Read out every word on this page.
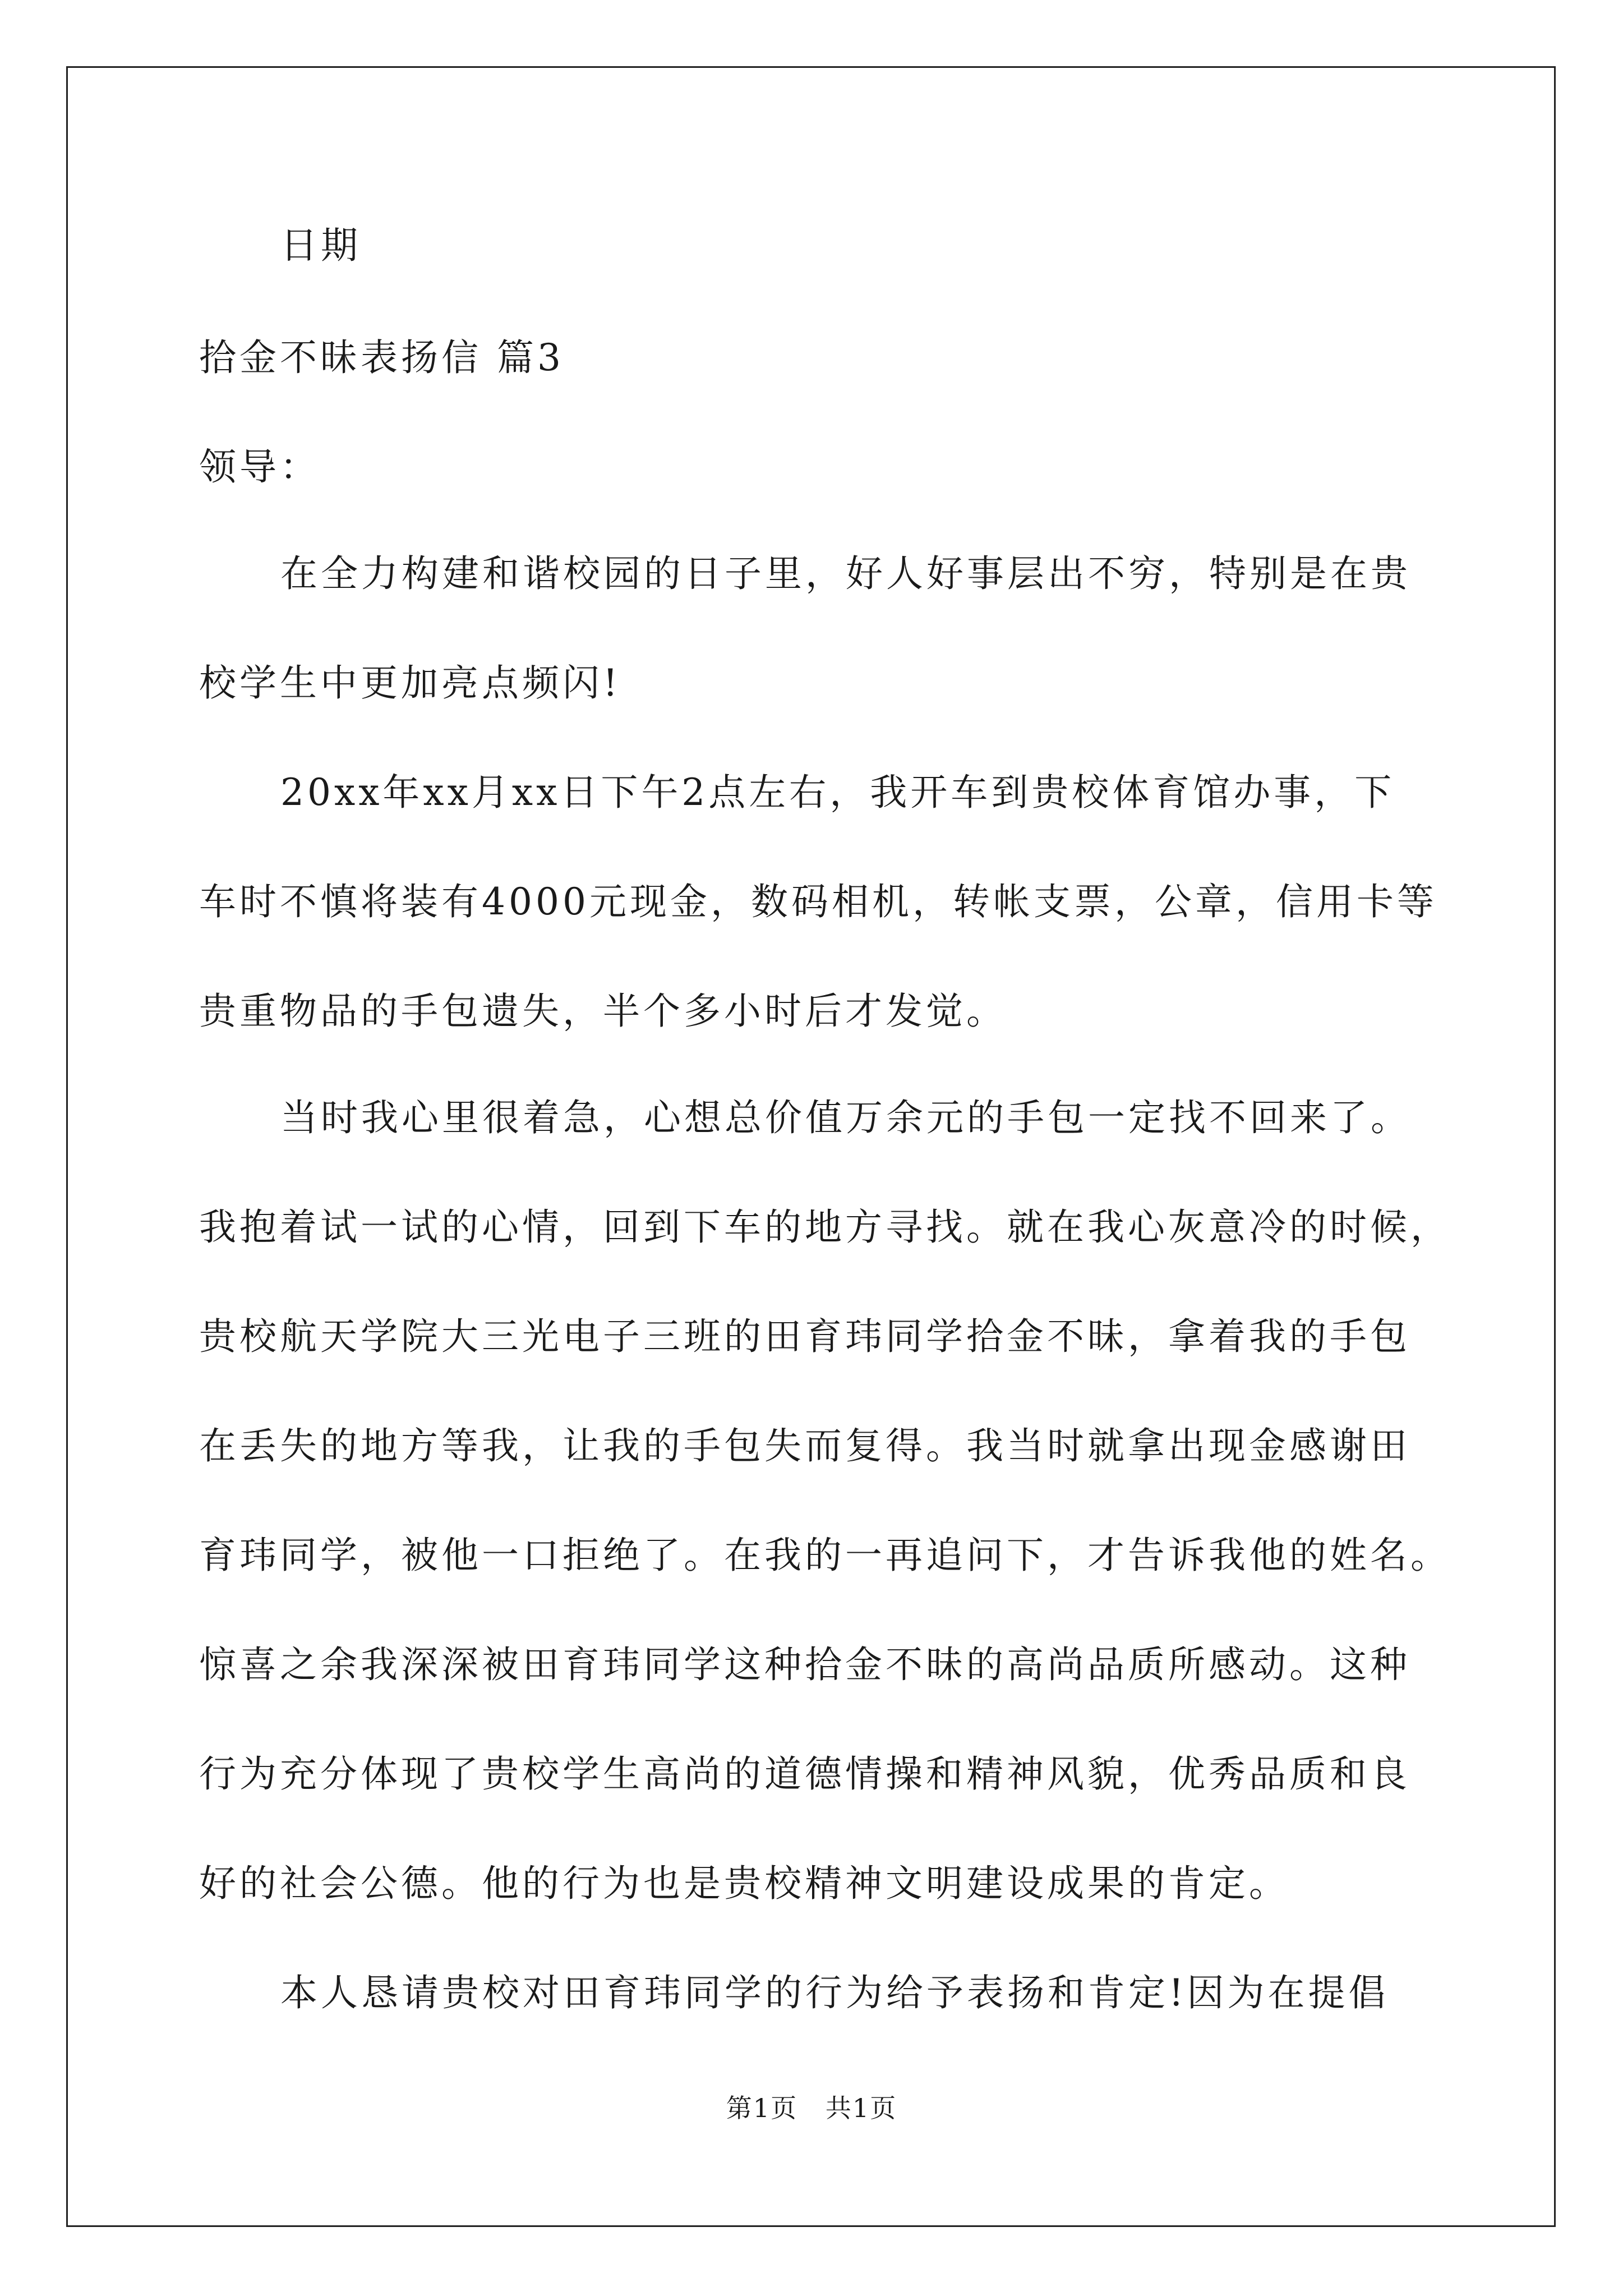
日期
拾金不昧表扬信 篇3
领导：
在全力构建和谐校园的日子里，好人好事层出不穷，特别是在贵
校学生中更加亮点频闪!
20xx年xx月xx日下午2点左右，我开车到贵校体育馆办事，下
车时不慎将装有4000元现金，数码相机，转帐支票，公章，信用卡等
贵重物品的手包遗失，半个多小时后才发觉。
当时我心里很着急，心想总价值万余元的手包一定找不回来了。
我抱着试一试的心情，回到下车的地方寻找。就在我心灰意冷的时候，
贵校航天学院大三光电子三班的田育玮同学拾金不昧，拿着我的手包
在丢失的地方等我，让我的手包失而复得。我当时就拿出现金感谢田
育玮同学，被他一口拒绝了。在我的一再追问下，才告诉我他的姓名。
惊喜之余我深深被田育玮同学这种拾金不昧的高尚品质所感动。这种
行为充分体现了贵校学生高尚的道德情操和精神风貌，优秀品质和良
好的社会公德。他的行为也是贵校精神文明建设成果的肯定。
本人恳请贵校对田育玮同学的行为给予表扬和肯定!因为在提倡
第1页   共1页
